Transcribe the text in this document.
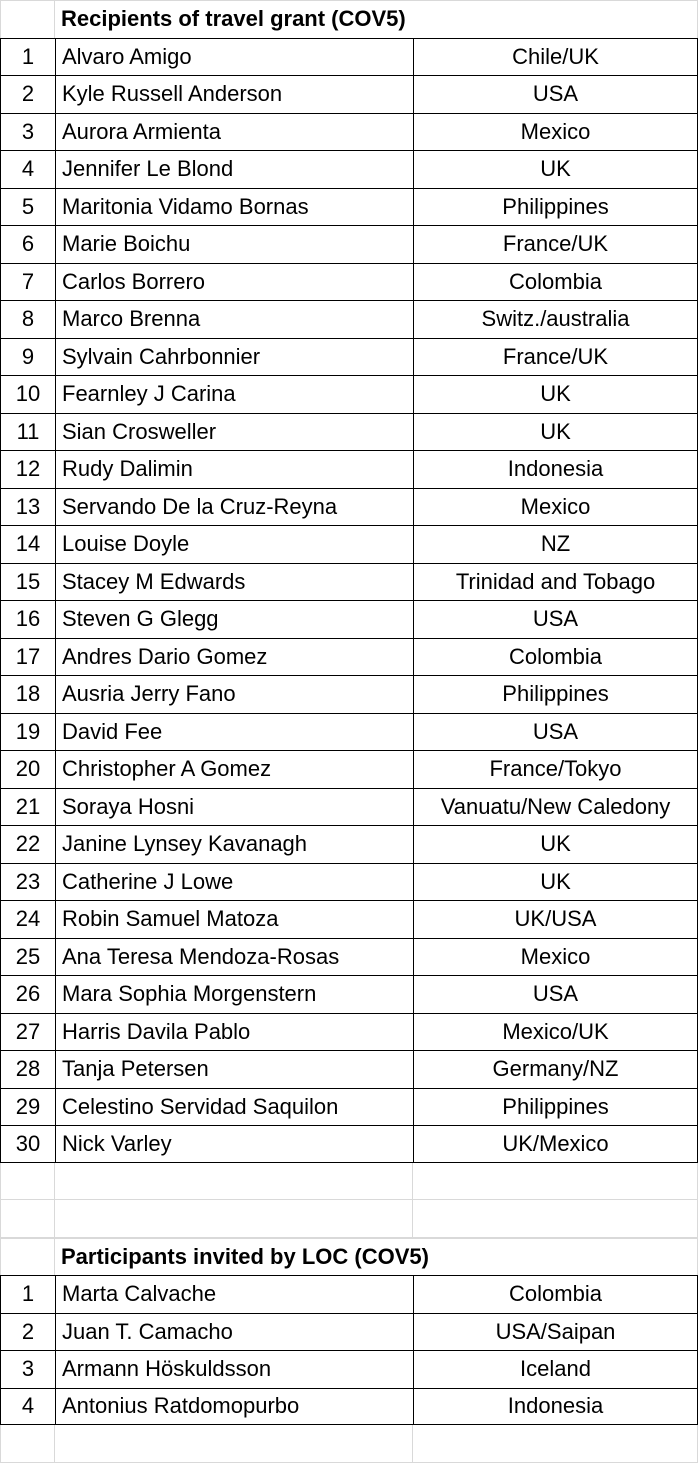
Recipients of travel grant (COV5)
1	Alvaro Amigo	Chile/UK
2	Kyle Russell Anderson	USA
3	Aurora Armienta	Mexico
4	Jennifer Le Blond	UK
5	Maritonia Vidamo Bornas	Philippines
6	Marie Boichu	France/UK
7	Carlos Borrero	Colombia
8	Marco Brenna	Switz./australia
9	Sylvain Cahrbonnier	France/UK
10 Fearnley J Carina	UK
11	Sian Crosweller	UK
12 Rudy Dalimin	Indonesia
13 Servando De la Cruz-Reyna	Mexico
14 Louise Doyle	NZ
15 Stacey M Edwards	Trinidad and Tobago
16 Steven G Glegg	USA
17 Andres Dario Gomez	Colombia
18 Ausria Jerry Fano	Philippines
19 David Fee	USA
20 Christopher A Gomez	France/Tokyo
21 Soraya Hosni	Vanuatu/New Caledony
22 Janine Lynsey Kavanagh	UK
23 Catherine J Lowe	UK
24 Robin Samuel Matoza	UK/USA
25 Ana Teresa Mendoza-Rosas	Mexico
26 Mara Sophia Morgenstern	USA
27 Harris Davila Pablo	Mexico/UK
28 Tanja Petersen	Germany/NZ
29 Celestino Servidad Saquilon	Philippines
30 Nick Varley	UK/Mexico
Participants invited by LOC (COV5)
1	Marta Calvache	Colombia
2	Juan T. Camacho	USA/Saipan
3	Armann Höskuldsson	Iceland
4	Antonius Ratdomopurbo	Indonesia
